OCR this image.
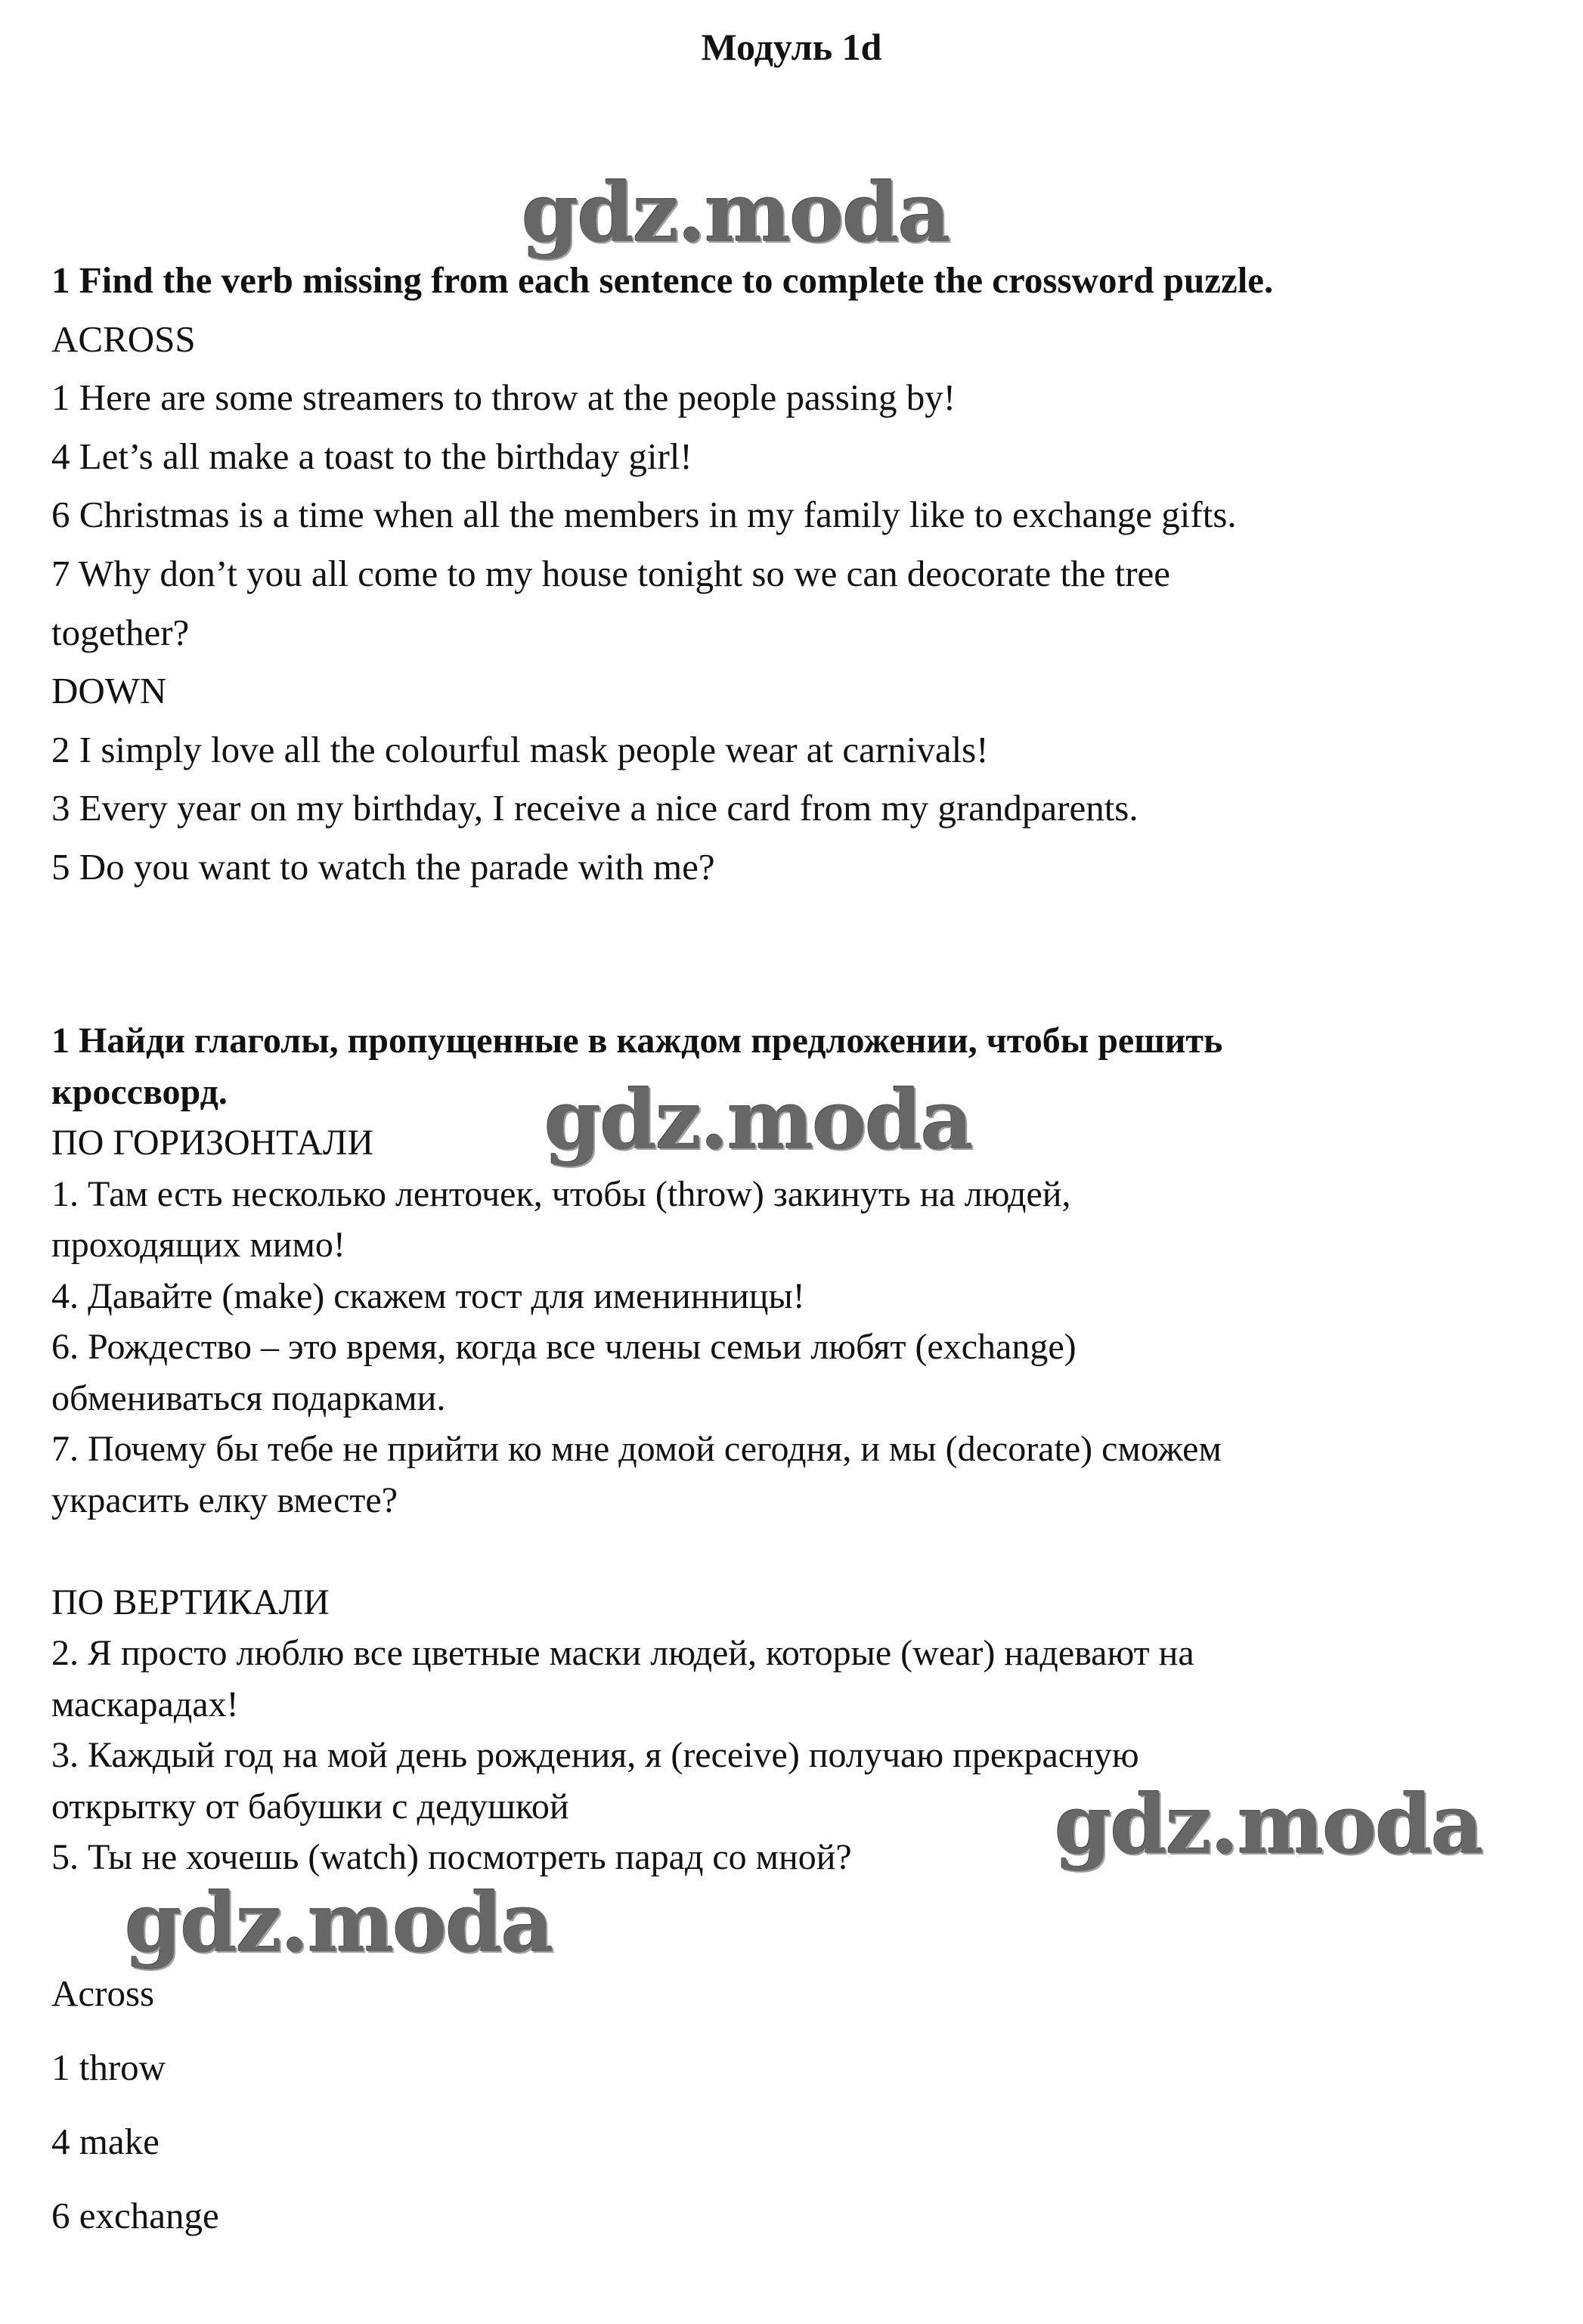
Модуль 1d
1 Find the verb missing from each sentence to complete the crossword puzzle.
ACROSS
1 Here are some streamers to throw at the people passing by!
4 Let’s all make a toast to the birthday girl!
6 Christmas is a time when all the members in my family like to exchange gifts.
7 Why don’t you all come to my house tonight so we can deocorate the tree
together?
DOWN
2 I simply love all the colourful mask people wear at carnivals!
3 Every year on my birthday, I receive a nice card from my grandparents.
5 Do you want to watch the parade with me?
1 Найди глаголы, пропущенные в каждом предложении, чтобы решить
кроссворд.
ПО ГОРИЗОНТАЛИ
1. Там есть несколько ленточек, чтобы (throw) закинуть на людей,
проходящих мимо!
4. Давайте (make) скажем тост для именинницы!
6. Рождество – это время, когда все члены семьи любят (exchange)
обмениваться подарками.
7. Почему бы тебе не прийти ко мне домой сегодня, и мы (decorate) сможем
украсить елку вместе?

ПО ВЕРТИКАЛИ
2. Я просто люблю все цветные маски людей, которые (wear) надевают на
маскарадах!
3. Каждый год на мой день рождения, я (receive) получаю прекрасную
открытку от бабушки с дедушкой
5. Ты не хочешь (watch) посмотреть парад со мной?
Across
1 throw
4 make
6 exchange
gdz.moda
gdz.moda
gdz.moda
gdz.moda
